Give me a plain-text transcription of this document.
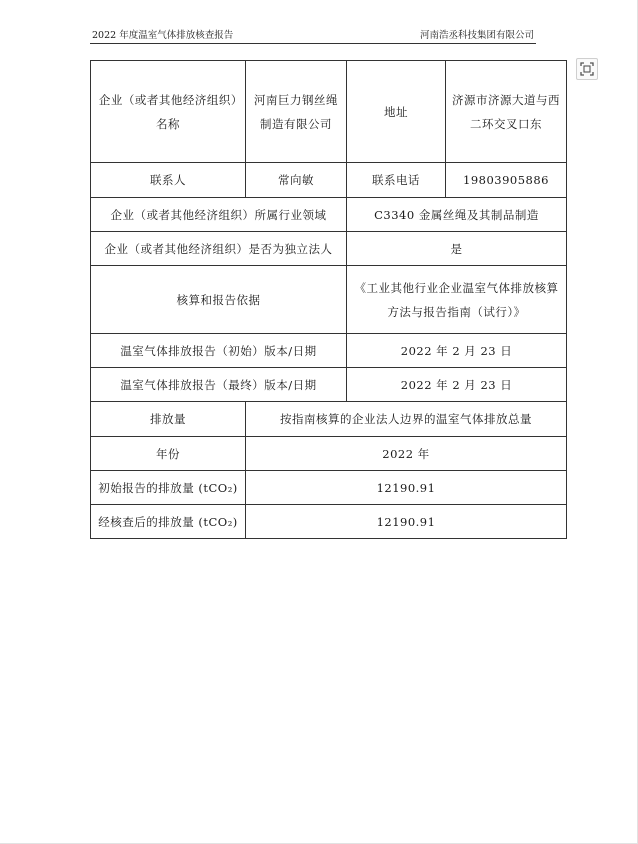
2022 年度温室气体排放核查报告	河南浩丞科技集团有限公司
企业（或者其他经济组织）名称	河南巨力钢丝绳制造有限公司	地址	济源市济源大道与西二环交叉口东
联系人	常向敏	联系电话	19803905886
企业（或者其他经济组织）所属行业领域		C3340 金属丝绳及其制品制造	
企业（或者其他经济组织）是否为独立法人		是	
核算和报告依据		《工业其他行业企业温室气体排放核算方法与报告指南（试行）》	
温室气体排放报告（初始）版本/日期		2022 年 2 月 23 日	
温室气体排放报告（最终）版本/日期		2022 年 2 月 23 日	
排放量	按指南核算的企业法人边界的温室气体排放总量		
年份	2022 年		
初始报告的排放量 (tCO₂)	12190.91		
经核查后的排放量 (tCO₂)	12190.91		
